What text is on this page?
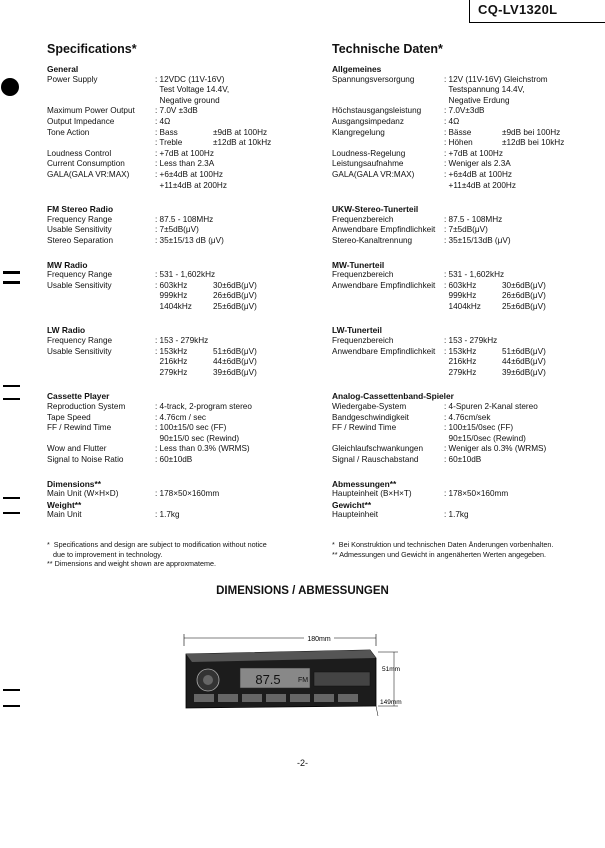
CQ-LV1320L
Specifications*
General
Power Supply	: 12VDC (11V-16V)
Test Voltage 14.4V,
Negative ground
Maximum Power Output	: 7.0V ±3dB
Output Impedance	: 4Ω
Tone Action	: Bass	±9dB at 100Hz
: Treble	±12dB at 10kHz
Loudness Control	: +7dB at 100Hz
Current Consumption	: Less than 2.3A
GALA(GALA VR:MAX)	: +6±4dB at 100Hz
+11±4dB at 200Hz
FM Stereo Radio
Frequency Range	: 87.5 - 108MHz
Usable Sensitivity	: 7±5dB(μV)
Stereo Separation	: 35±15/13 dB (μV)
MW Radio
Frequency Range	: 531 - 1,602kHz
Usable Sensitivity	: 603kHz	30±6dB(μV)
999kHz	26±6dB(μV)
1404kHz	25±6dB(μV)
LW Radio
Frequency Range	: 153 - 279kHz
Usable Sensitivity	: 153kHz	51±6dB(μV)
216kHz	44±6dB(μV)
279kHz	39±6dB(μV)
Cassette Player
Reproduction System	: 4-track, 2-program stereo
Tape Speed	: 4.76cm / sec
FF / Rewind Time	: 100±15/0 sec (FF)
90±15/0 sec (Rewind)
Wow and Flutter	: Less than 0.3% (WRMS)
Signal to Noise Ratio	: 60±10dB
Dimensions**
Main Unit (W×H×D)	: 178×50×160mm
Weight**
Main Unit	: 1.7kg
Technische Daten*
Allgemeines
Spannungsversorgung	: 12V (11V-16V) Gleichstrom
Testspannung 14.4V,
Negative Erdung
Höchstausgangsleistung	: 7.0V±3dB
Ausgangsimpedanz	: 4Ω
Klangregelung	: Bässe	±9dB bei 100Hz
: Höhen	±12dB bei 10kHz
Loudness-Regelung	: +7dB at 100Hz
Leistungsaufnahme	: Weniger als 2.3A
GALA(GALA VR:MAX)	: +6±4dB at 100Hz
+11±4dB at 200Hz
UKW-Stereo-Tunerteil
Frequenzbereich	: 87.5 - 108MHz
Anwendbare Empfindlichkeit	: 7±5dB(μV)
Stereo-Kanaltrennung	: 35±15/13dB (μV)
MW-Tunerteil
Frequenzbereich	: 531 - 1,602kHz
Anwendbare Empfindlichkeit	: 603kHz	30±6dB(μV)
999kHz	26±6dB(μV)
1404kHz	25±6dB(μV)
LW-Tunerteil
Frequenzbereich	: 153 - 279kHz
Anwendbare Empfindlichkeit	: 153kHz	51±6dB(μV)
216kHz	44±6dB(μV)
279kHz	39±6dB(μV)
Analog-Cassettenband-Spieler
Wiedergabe-System	: 4-Spuren 2-Kanal stereo
Bandgeschwindigkeit	: 4.76cm/sek
FF / Rewind Time	: 100±15/0sec (FF)
90±15/0sec (Rewind)
Gleichlaufschwankungen	: Weniger als 0.3% (WRMS)
Signal / Rauschabstand	: 60±10dB
Abmessungen**
Haupteinheit (B×H×T)	: 178×50×160mm
Gewicht**
Haupteinheit	: 1.7kg
*  Specifications and design are subject to modification without notice
due to improvement in technology.
** Dimensions and weight shown are approxmateme.
*  Bei Konstruktion und technischen Daten Änderungen vorbenhalten.
** Admessungen und Gewicht in angenäherten Werten angegeben.
DIMENSIONS / ABMESSUNGEN
180mm
87.5 FM
51mm
149mm
-2-
